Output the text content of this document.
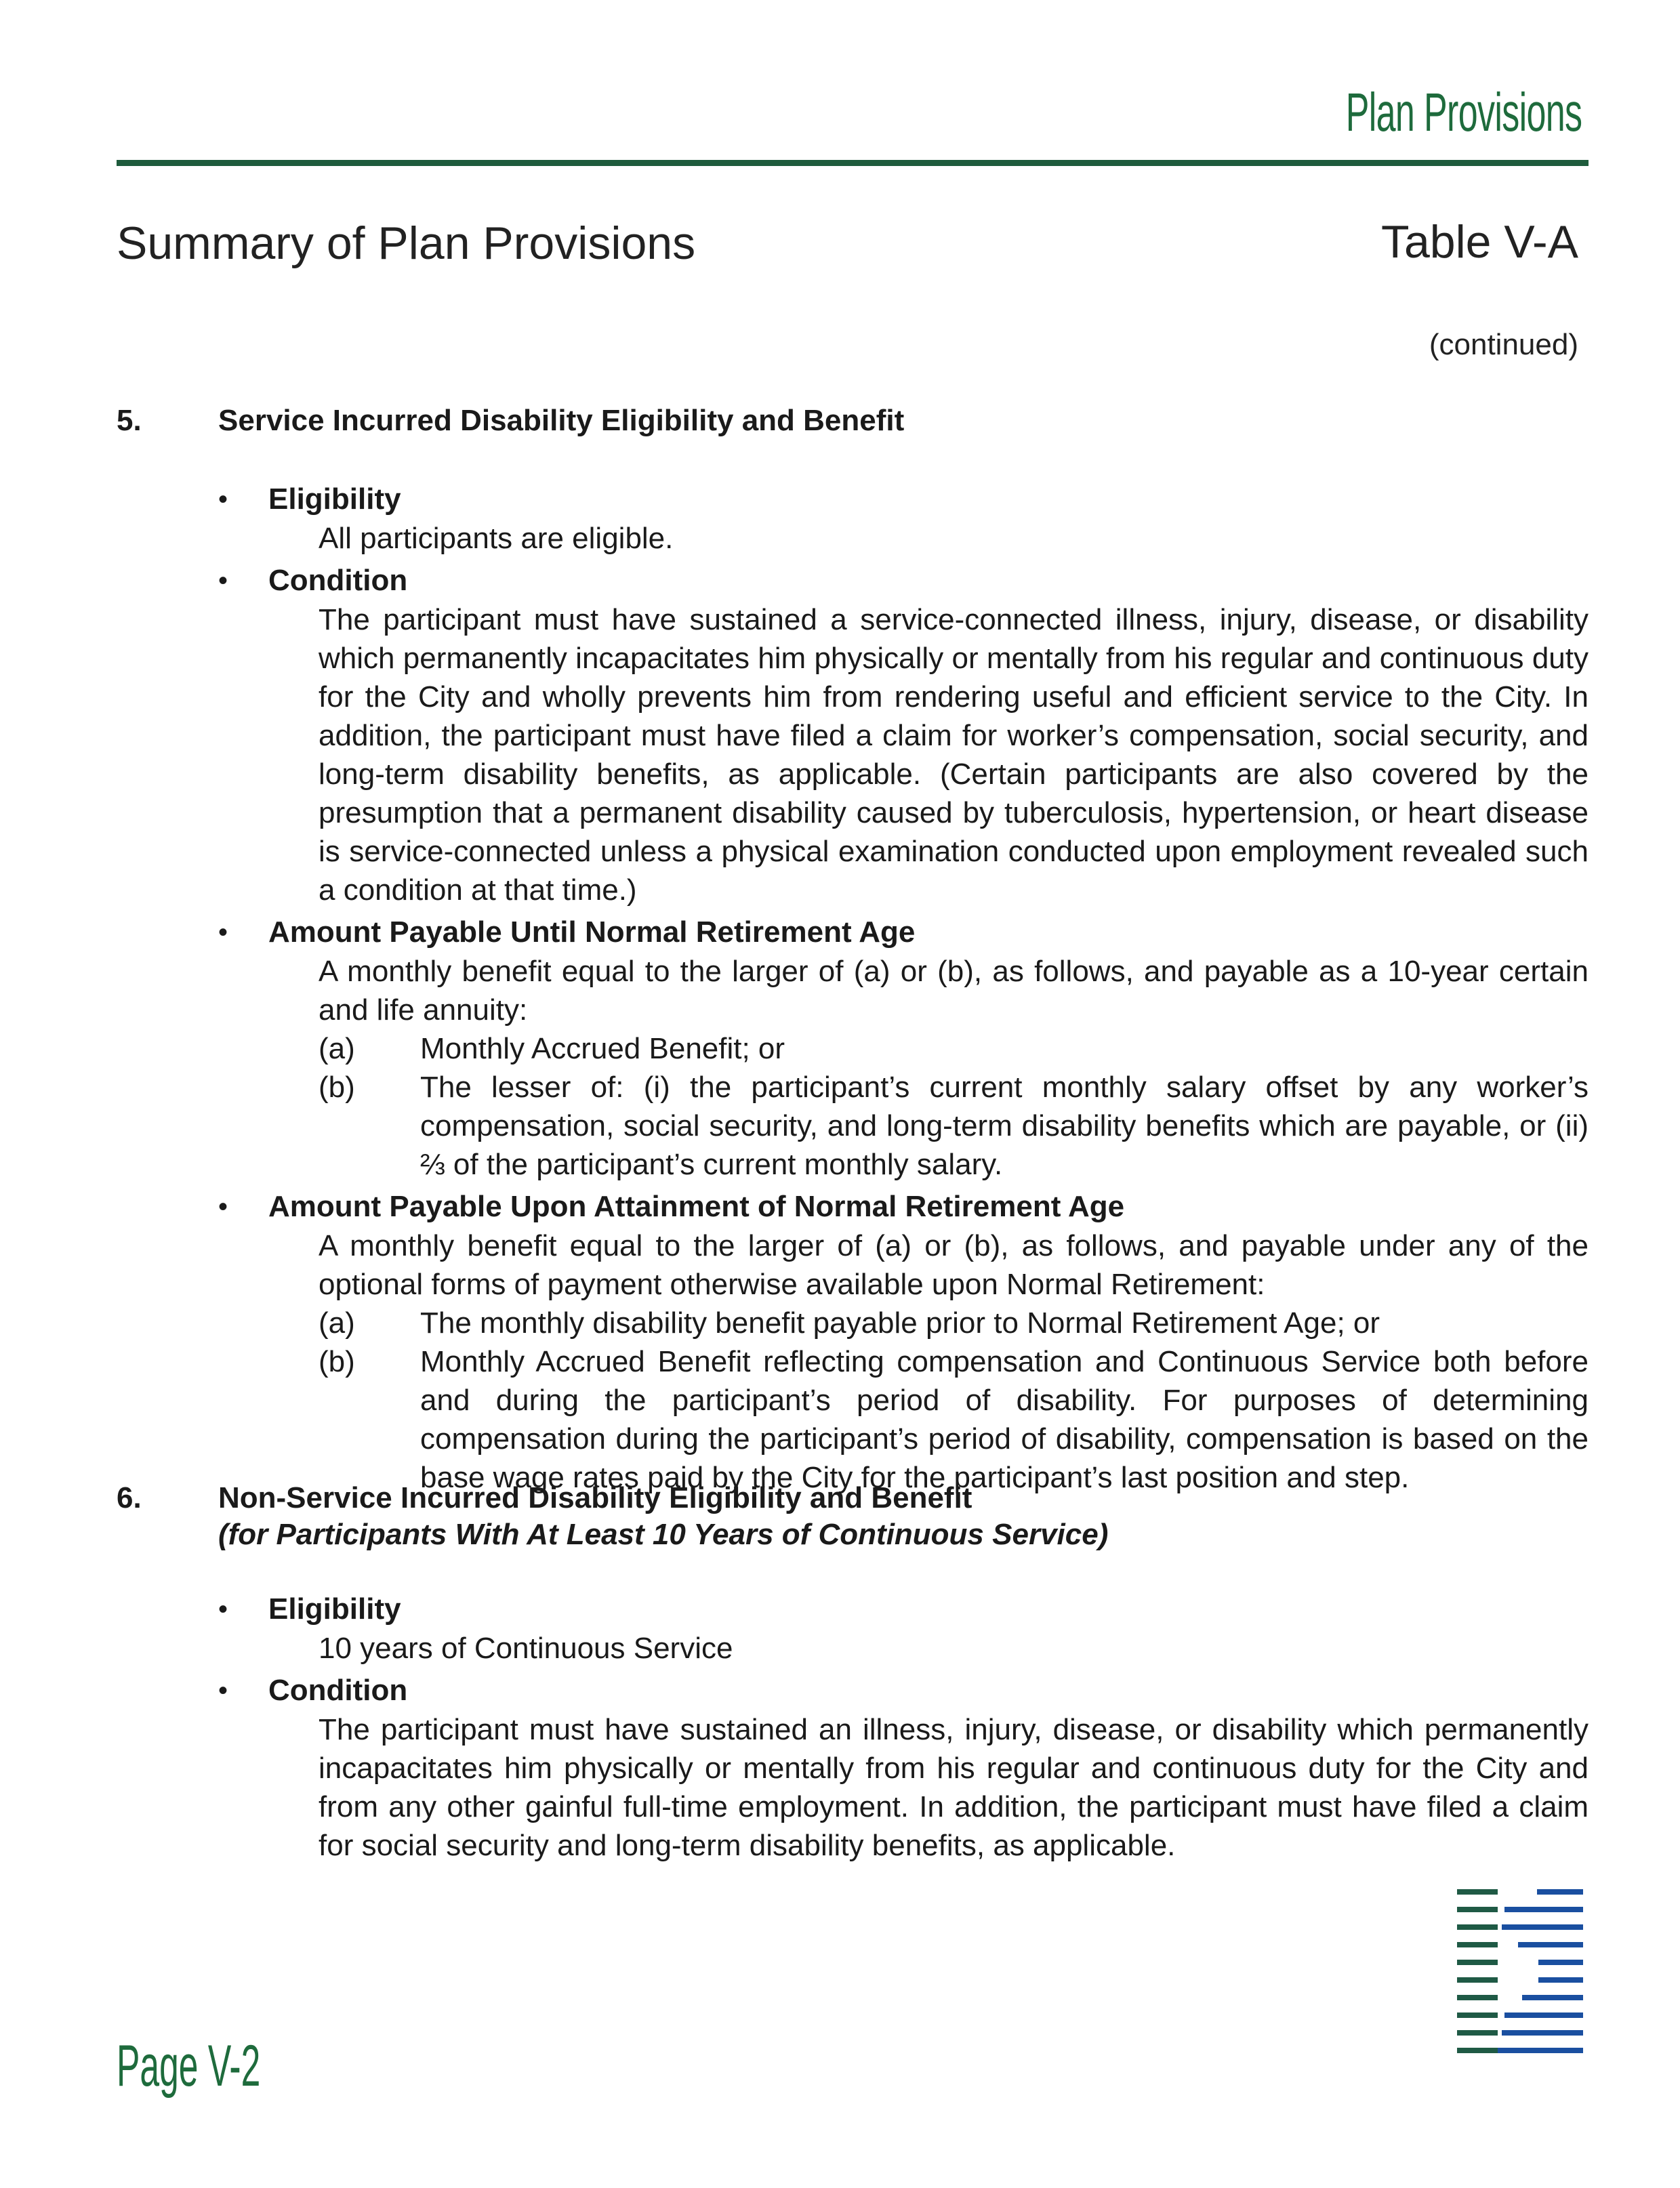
Plan Provisions
Summary of Plan Provisions	Table V-A
(continued)
5.	Service Incurred Disability Eligibility and Benefit
• Eligibility
All participants are eligible.
• Condition
The participant must have sustained a service-connected illness, injury, disease, or disability which permanently incapacitates him physically or mentally from his regular and continuous duty for the City and wholly prevents him from rendering useful and efficient service to the City. In addition, the participant must have filed a claim for worker’s compensation, social security, and long-term disability benefits, as applicable. (Certain participants are also covered by the presumption that a permanent disability caused by tuberculosis, hypertension, or heart disease is service-connected unless a physical examination conducted upon employment revealed such a condition at that time.)
• Amount Payable Until Normal Retirement Age
A monthly benefit equal to the larger of (a) or (b), as follows, and payable as a 10-year certain and life annuity:
(a) Monthly Accrued Benefit; or
(b) The lesser of: (i) the participant’s current monthly salary offset by any worker’s compensation, social security, and long-term disability benefits which are payable, or (ii) ⅔ of the participant’s current monthly salary.
• Amount Payable Upon Attainment of Normal Retirement Age
A monthly benefit equal to the larger of (a) or (b), as follows, and payable under any of the optional forms of payment otherwise available upon Normal Retirement:
(a) The monthly disability benefit payable prior to Normal Retirement Age; or
(b) Monthly Accrued Benefit reflecting compensation and Continuous Service both before and during the participant’s period of disability. For purposes of determining compensation during the participant’s period of disability, compensation is based on the base wage rates paid by the City for the participant’s last position and step.
6.	Non-Service Incurred Disability Eligibility and Benefit
(for Participants With At Least 10 Years of Continuous Service)
• Eligibility
10 years of Continuous Service
• Condition
The participant must have sustained an illness, injury, disease, or disability which permanently incapacitates him physically or mentally from his regular and continuous duty for the City and from any other gainful full-time employment. In addition, the participant must have filed a claim for social security and long-term disability benefits, as applicable.
Page V-2
